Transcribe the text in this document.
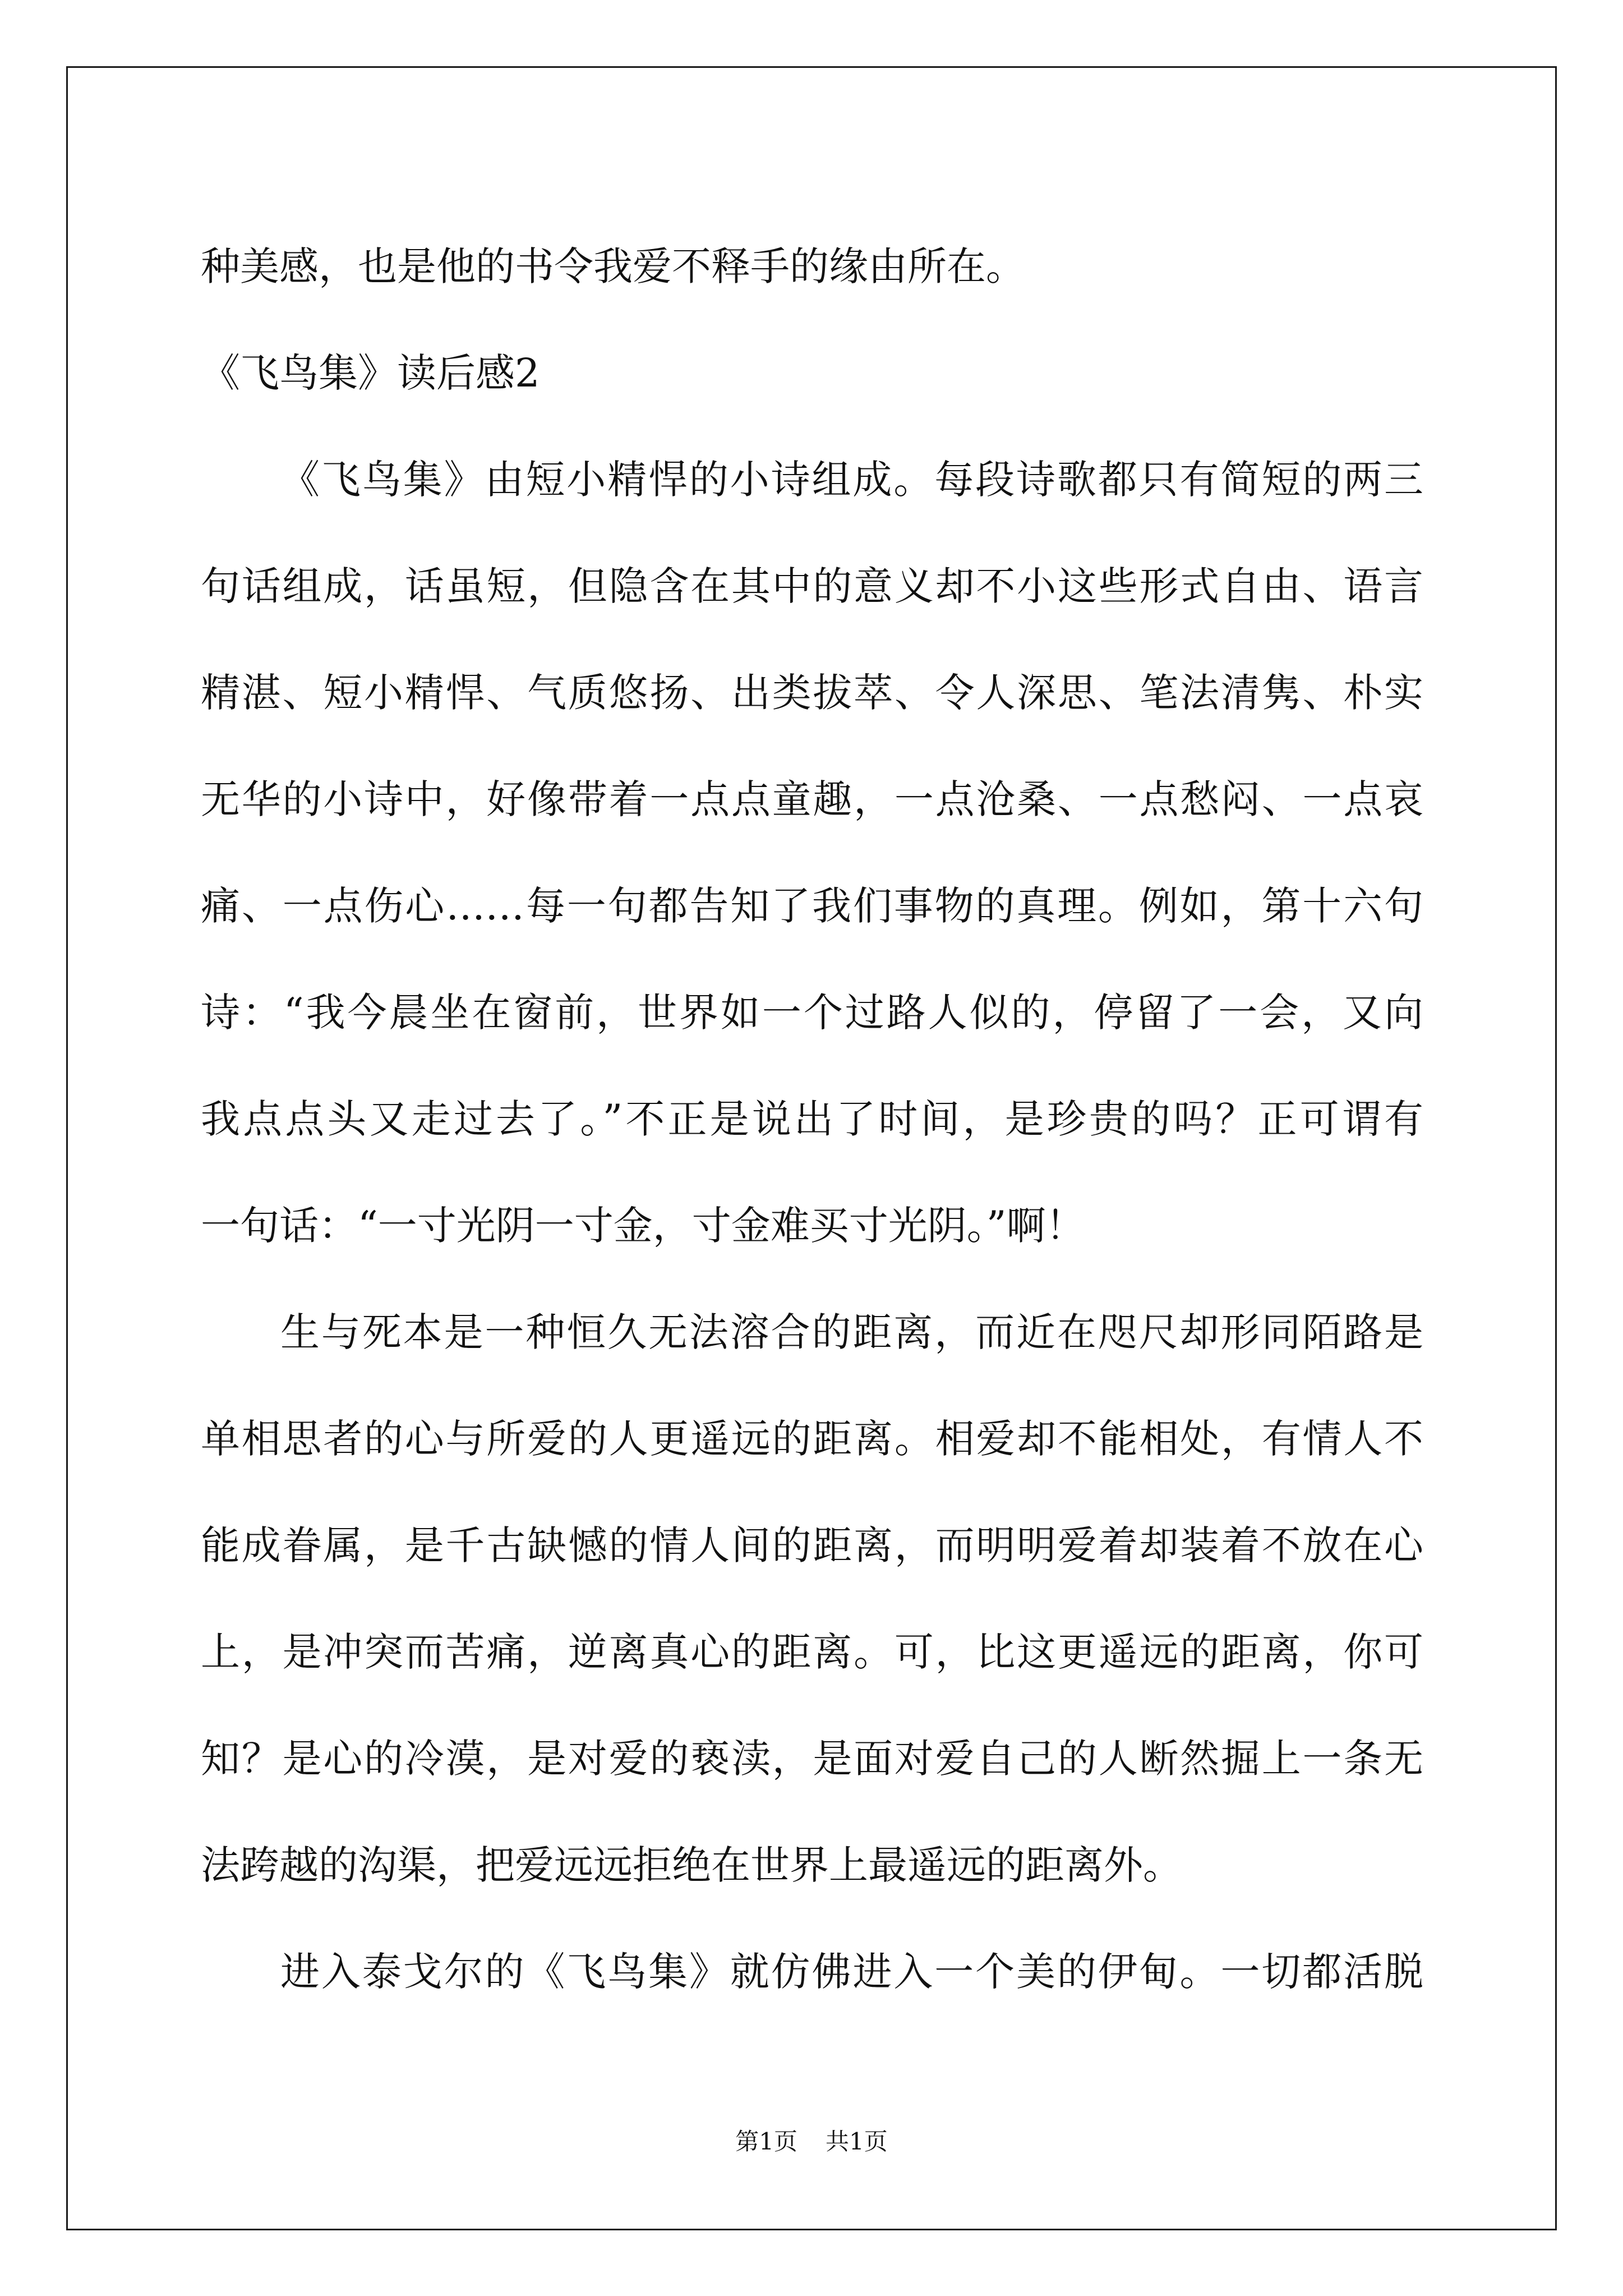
种美感，也是他的书令我爱不释手的缘由所在。
《飞鸟集》读后感2
《飞鸟集》由短小精悍的小诗组成。每段诗歌都只有简短的两三
句话组成，话虽短，但隐含在其中的意义却不小这些形式自由、语言
精湛、短小精悍、气质悠扬、出类拔萃、令人深思、笔法清隽、朴实
无华的小诗中，好像带着一点点童趣，一点沧桑、一点愁闷、一点哀
痛、一点伤心……每一句都告知了我们事物的真理。例如，第十六句
诗：“我今晨坐在窗前，世界如一个过路人似的，停留了一会，又向
我点点头又走过去了。”不正是说出了时间，是珍贵的吗？正可谓有
一句话：“一寸光阴一寸金，寸金难买寸光阴。”啊！
生与死本是一种恒久无法溶合的距离，而近在咫尺却形同陌路是
单相思者的心与所爱的人更遥远的距离。相爱却不能相处，有情人不
能成眷属，是千古缺憾的情人间的距离，而明明爱着却装着不放在心
上，是冲突而苦痛，逆离真心的距离。可，比这更遥远的距离，你可
知？是心的冷漠，是对爱的亵渎，是面对爱自己的人断然掘上一条无
法跨越的沟渠，把爱远远拒绝在世界上最遥远的距离外。
进入泰戈尔的《飞鸟集》就仿佛进入一个美的伊甸。一切都活脱
第1页 共1页
